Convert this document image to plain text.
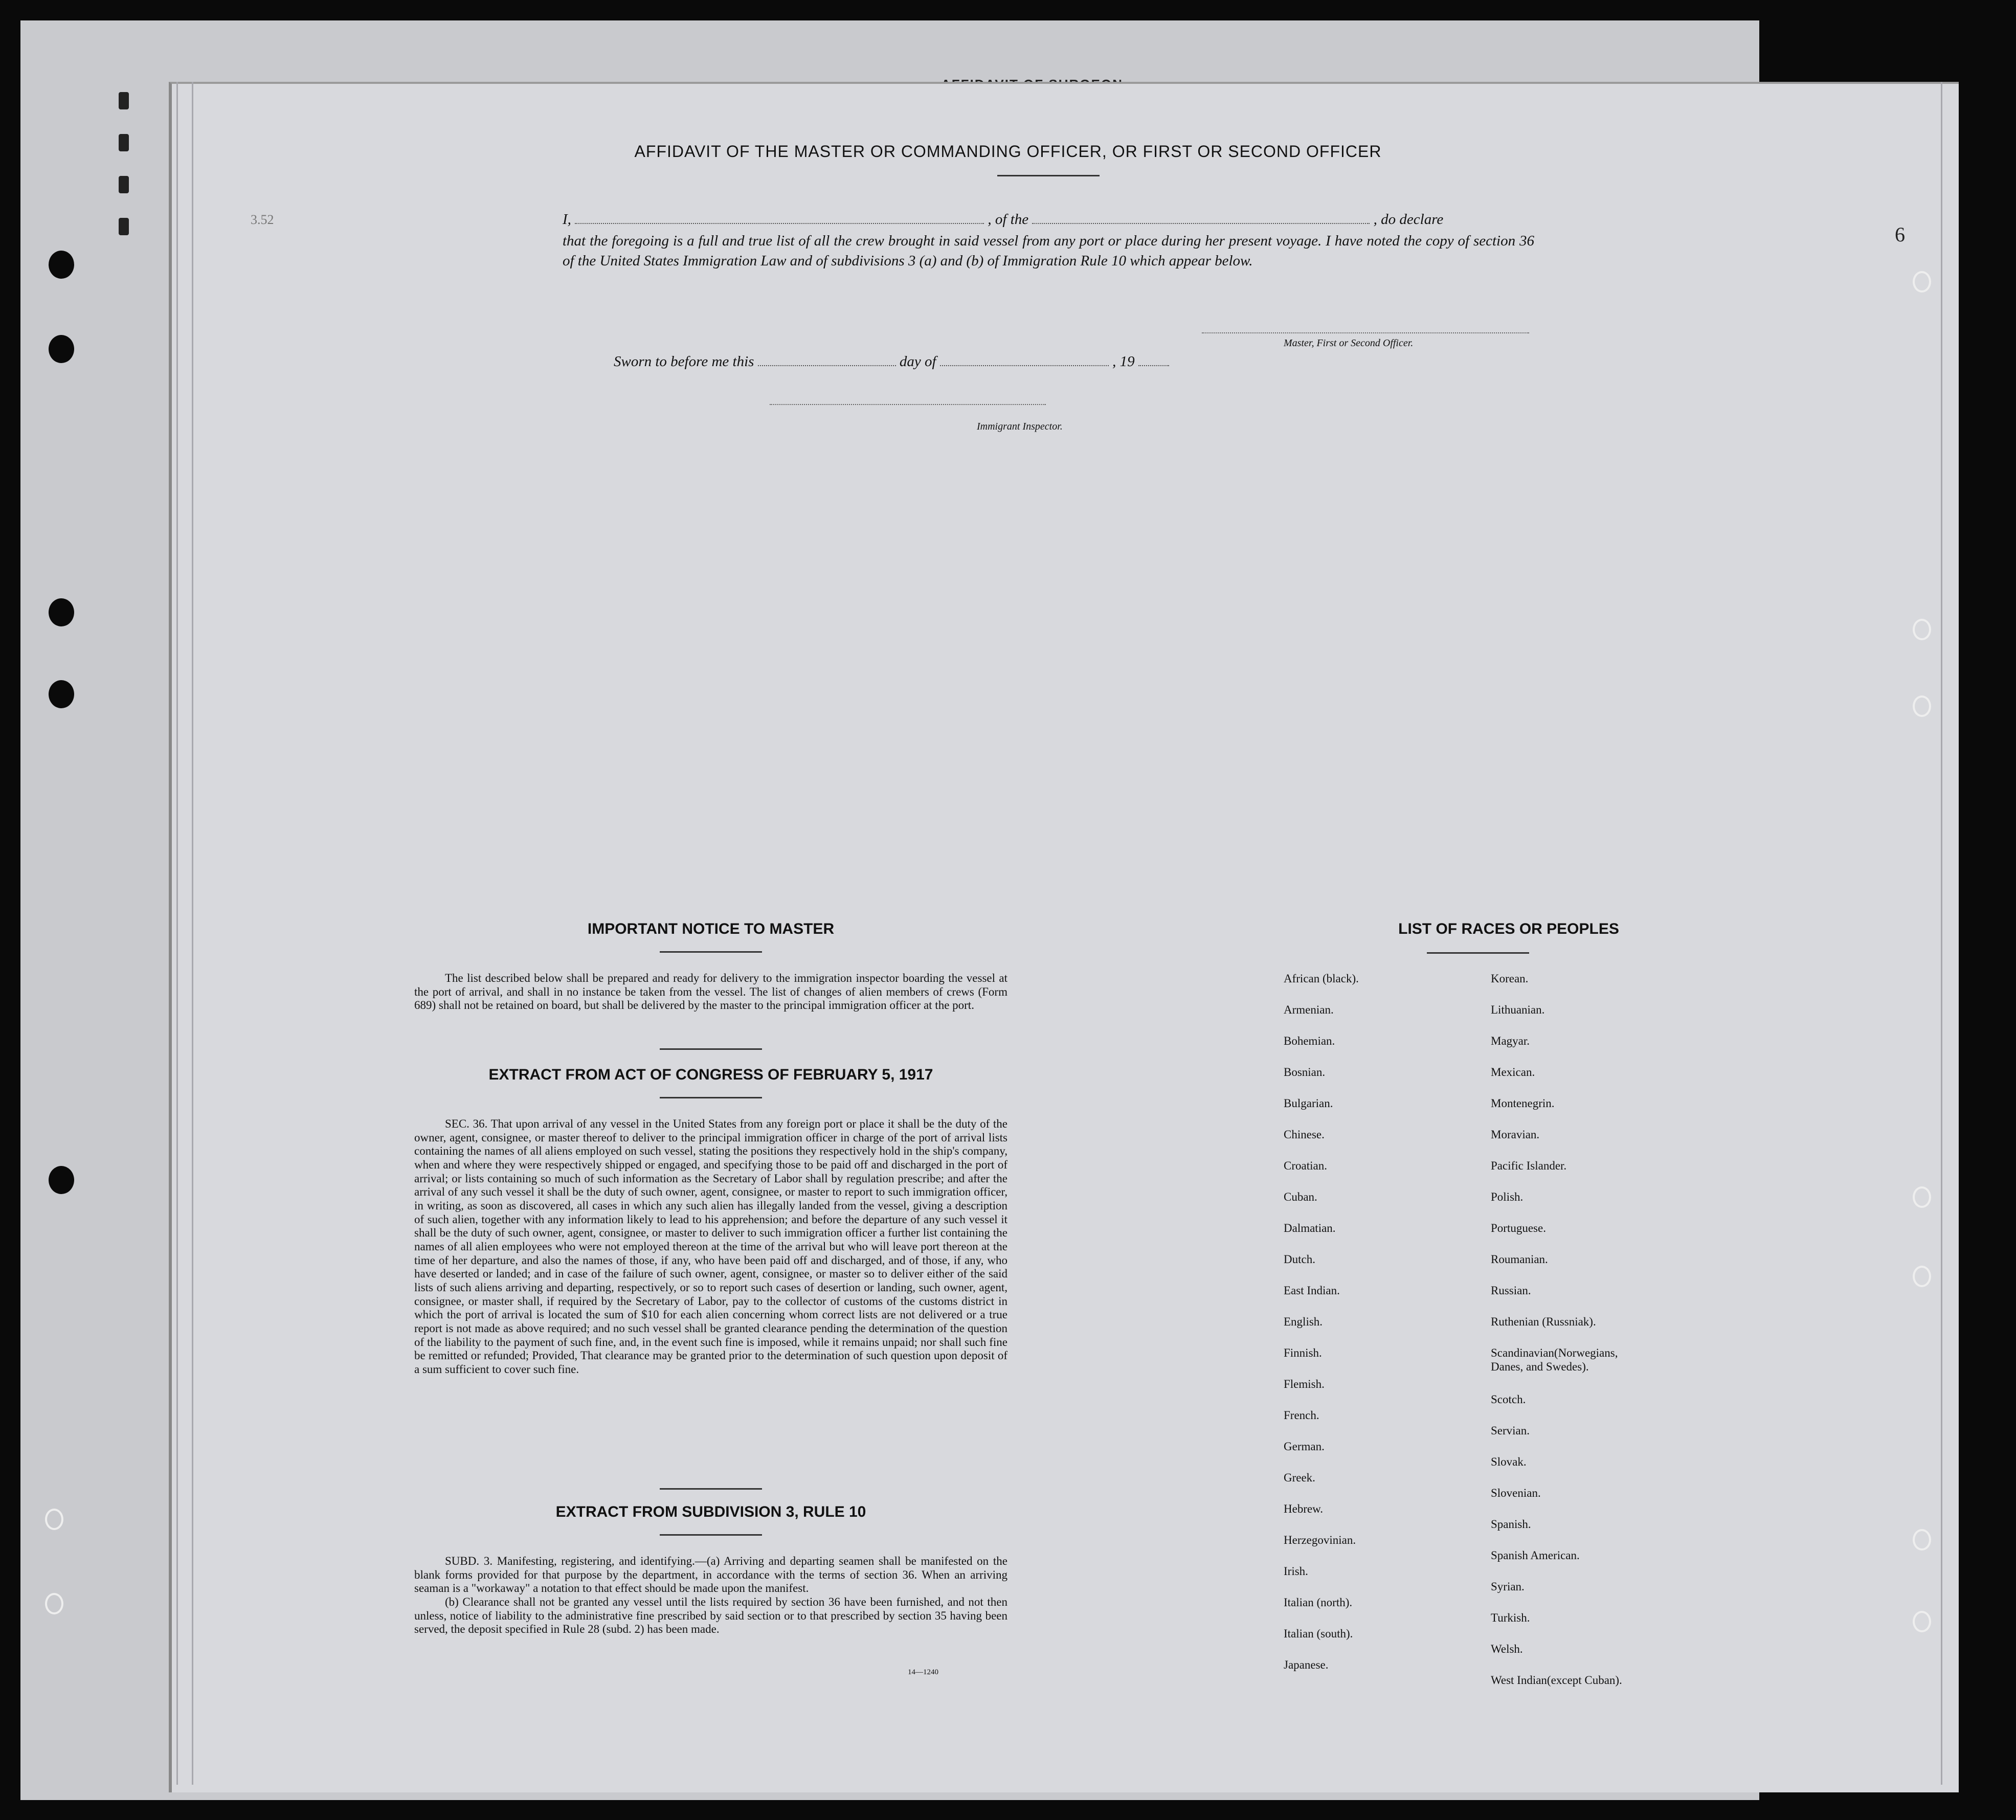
3.52
6
AFFIDAVIT OF THE MASTER OR COMMANDING OFFICER, OR FIRST OR SECOND OFFICER
I,	, of the	, do declare
that the foregoing is a full and true list of all the crew brought in said vessel from any port or place during her present voyage. I have noted the copy of section 36 of the United States Immigration Law and of subdivisions 3 (a) and (b) of Immigration Rule 10 which appear below.
Master, First or Second Officer.
Sworn to before me this	day of	, 19
Immigrant Inspector.
IMPORTANT NOTICE TO MASTER

The list described below shall be prepared and ready for delivery to the immigration inspector boarding the vessel at the port of arrival, and shall in no instance be taken from the vessel. The list of changes of alien members of crews (Form 689) shall not be retained on board, but shall be delivered by the master to the principal immigration officer at the port.

EXTRACT FROM ACT OF CONGRESS OF FEBRUARY 5, 1917

SEC. 36. That upon arrival of any vessel in the United States from any foreign port or place it shall be the duty of the owner, agent, consignee, or master thereof to deliver to the principal immigration officer in charge of the port of arrival lists containing the names of all aliens employed on such vessel, stating the positions they respectively hold in the ship's company, when and where they were respectively shipped or engaged, and specifying those to be paid off and discharged in the port of arrival; or lists containing so much of such information as the Secretary of Labor shall by regulation prescribe; and after the arrival of any such vessel it shall be the duty of such owner, agent, consignee, or master to report to such immigration officer, in writing, as soon as discovered, all cases in which any such alien has illegally landed from the vessel, giving a description of such alien, together with any information likely to lead to his apprehension; and before the departure of any such vessel it shall be the duty of such owner, agent, consignee, or master to deliver to such immigration officer a further list containing the names of all alien employees who were not employed thereon at the time of the arrival but who will leave port thereon at the time of her departure, and also the names of those, if any, who have been paid off and discharged, and of those, if any, who have deserted or landed; and in case of the failure of such owner, agent, consignee, or master so to deliver either of the said lists of such aliens arriving and departing, respectively, or so to report such cases of desertion or landing, such owner, agent, consignee, or master shall, if required by the Secretary of Labor, pay to the collector of customs of the customs district in which the port of arrival is located the sum of $10 for each alien concerning whom correct lists are not delivered or a true report is not made as above required; and no such vessel shall be granted clearance pending the determination of the question of the liability to the payment of such fine, and, in the event such fine is imposed, while it remains unpaid; nor shall such fine be remitted or refunded; Provided, That clearance may be granted prior to the determination of such question upon deposit of a sum sufficient to cover such fine.

EXTRACT FROM SUBDIVISION 3, RULE 10

SUBD. 3. Manifesting, registering, and identifying.—(a) Arriving and departing seamen shall be manifested on the blank forms provided for that purpose by the department, in accordance with the terms of section 36. When an arriving seaman is a "workaway" a notation to that effect should be made upon the manifest.

(b) Clearance shall not be granted any vessel until the lists required by section 36 have been furnished, and not then unless, notice of liability to the administrative fine prescribed by said section or to that prescribed by section 35 having been served, the deposit specified in Rule 28 (subd. 2) has been made.

14—1240
LIST OF RACES OR PEOPLES
African (black).
Armenian.
Bohemian.
Bosnian.
Bulgarian.
Chinese.
Croatian.
Cuban.
Dalmatian.
Dutch.
East Indian.
English.
Finnish.
Flemish.
French.
German.
Greek.
Hebrew.
Herzegovinian.
Irish.
Italian (north).
Italian (south).
Japanese.
Korean.
Lithuanian.
Magyar.
Mexican.
Montenegrin.
Moravian.
Pacific Islander.
Polish.
Portuguese.
Roumanian.
Russian.
Ruthenian (Russniak).
Scandinavian(Norwegians,
Danes, and Swedes).
Scotch.
Servian.
Slovak.
Slovenian.
Spanish.
Spanish American.
Syrian.
Turkish.
Welsh.
West Indian(except Cuban).
